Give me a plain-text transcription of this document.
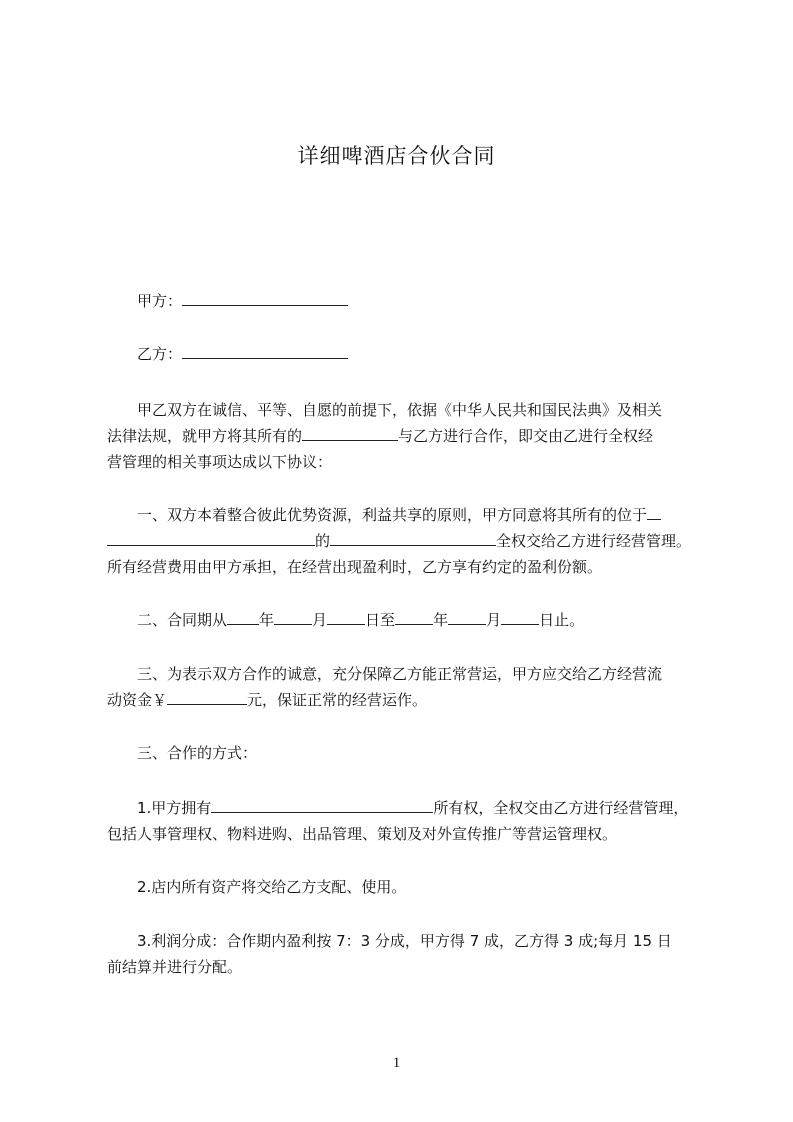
详细啤酒店合伙合同
甲方：
乙方：
甲乙双方在诚信、平等、自愿的前提下，依据《中华人民共和国民法典》及相关
法律法规，就甲方将其所有的	与乙方进行合作，即交由乙进行全权经
营管理的相关事项达成以下协议：
一、双方本着整合彼此优势资源，利益共享的原则，甲方同意将其所有的位于
的	全权交给乙方进行经营管理。
所有经营费用由甲方承担，在经营出现盈利时，乙方享有约定的盈利份额。
二、合同期从 年	月	日至	年	月	日止。
三、为表示双方合作的诚意，充分保障乙方能正常营运，甲方应交给乙方经营流
动资金￥	元，保证正常的经营运作。
三、合作的方式：
1.甲方拥有	所有权，全权交由乙方进行经营管理，
包括人事管理权、物料进购、出品管理、策划及对外宣传推广等营运管理权。
2.店内所有资产将交给乙方支配、使用。
3.利润分成：合作期内盈利按 7：3 分成，甲方得 7 成，乙方得 3 成;每月 15 日
前结算并进行分配。
1
